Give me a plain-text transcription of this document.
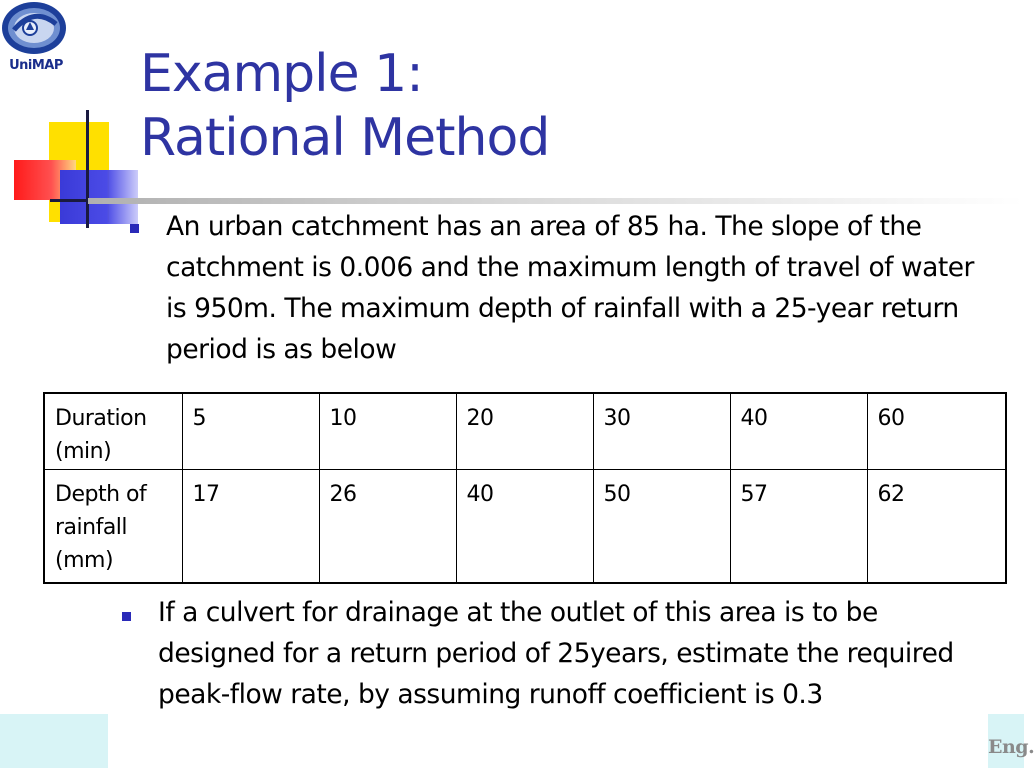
UniMAP Example 1:
Rational Method
An urban catchment has an area of 85 ha. The slope of the catchment is 0.006 and the maximum length of travel of water is 950m. The maximum depth of rainfall with a 25-year return period is as below
Duration (min)	5	10	20	30	40	60
Depth of rainfall (mm)	17	26	40	50	57	62
Eng.
If a culvert for drainage at the outlet of this area is to be designed for a return period of 25years, estimate the required peak-flow rate, by assuming runoff coefficient is 0.3
